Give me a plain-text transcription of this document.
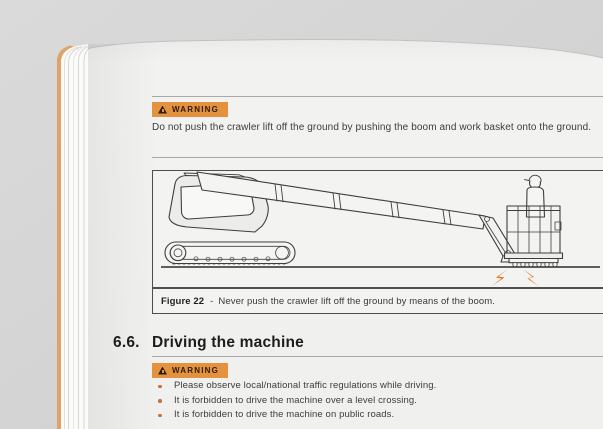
WARNING

Do not push the crawler lift off the ground by pushing the boom and work basket onto the ground.

Figure 22 - Never push the crawler lift off the ground by means of the boom.
6.6. Driving the machine
WARNING
Please observe local/national traffic regulations while driving.
It is forbidden to drive the machine over a level crossing.
It is forbidden to drive the machine on public roads.
